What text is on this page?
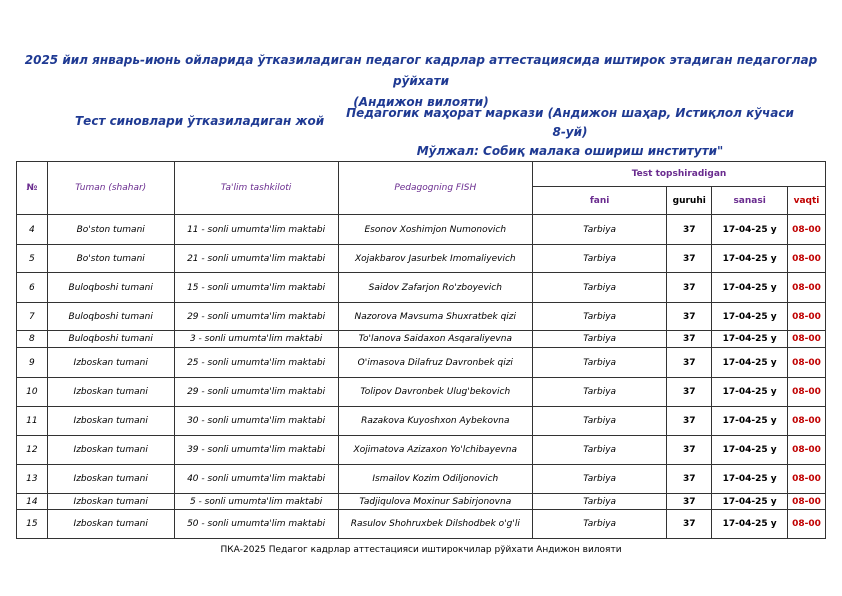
2025 йил январь-июнь ойларида ўтказиладиган педагог кадрлар аттестациясида иштирок этадиган педагоглар рўйхати
(Андижон вилояти)
Тест синовлари ўтказиладиган жой
Педагогик маҳорат маркази (Андижон шаҳар, Истиқлол кўчаси 8-уй)
Мўлжал: Собиқ малака ошириш институти"
№	Tuman (shahar)	Ta'lim tashkiloti	Pedagogning FISH	Test topshiradigan			
				fani	guruhi	sanasi	vaqti
4	Bo'ston tumani	11 - sonli umumta'lim maktabi	Esonov Xoshimjon Numonovich	Tarbiya	37	17-04-25 у	08-00
5	Bo'ston tumani	21 - sonli umumta'lim maktabi	Xojakbarov Jasurbek Imomaliyevich	Tarbiya	37	17-04-25 у	08-00
6	Buloqboshi tumani	15 - sonli umumta'lim maktabi	Saidov Zafarjon Ro'zboyevich	Tarbiya	37	17-04-25 у	08-00
7	Buloqboshi tumani	29 - sonli umumta'lim maktabi	Nazorova Mavsuma Shuxratbek qizi	Tarbiya	37	17-04-25 у	08-00
8	Buloqboshi tumani	3 - sonli umumta'lim maktabi	To'lanova Saidaxon Asqaraliyevna	Tarbiya	37	17-04-25 у	08-00
9	Izboskan tumani	25 - sonli umumta'lim maktabi	O'imasova Dilafruz Davronbek qizi	Tarbiya	37	17-04-25 у	08-00
10	Izboskan tumani	29 - sonli umumta'lim maktabi	Tolipov Davronbek Ulug'bekovich	Tarbiya	37	17-04-25 у	08-00
11	Izboskan tumani	30 - sonli umumta'lim maktabi	Razakova Kuyoshxon Aybekovna	Tarbiya	37	17-04-25 у	08-00
12	Izboskan tumani	39 - sonli umumta'lim maktabi	Xojimatova Azizaxon Yo'lchibayevna	Tarbiya	37	17-04-25 у	08-00
13	Izboskan tumani	40 - sonli umumta'lim maktabi	Ismailov Kozim Odiljonovich	Tarbiya	37	17-04-25 у	08-00
14	Izboskan tumani	5 - sonli umumta'lim maktabi	Tadjiqulova Moxinur Sabirjonovna	Tarbiya	37	17-04-25 у	08-00
15	Izboskan tumani	50 - sonli umumta'lim maktabi	Rasulov Shohruxbek Dilshodbek o'g'li	Tarbiya	37	17-04-25 у	08-00
ПКА-2025 Педагог кадрлар аттестацияси иштирокчилар рўйхати Андижон вилояти
